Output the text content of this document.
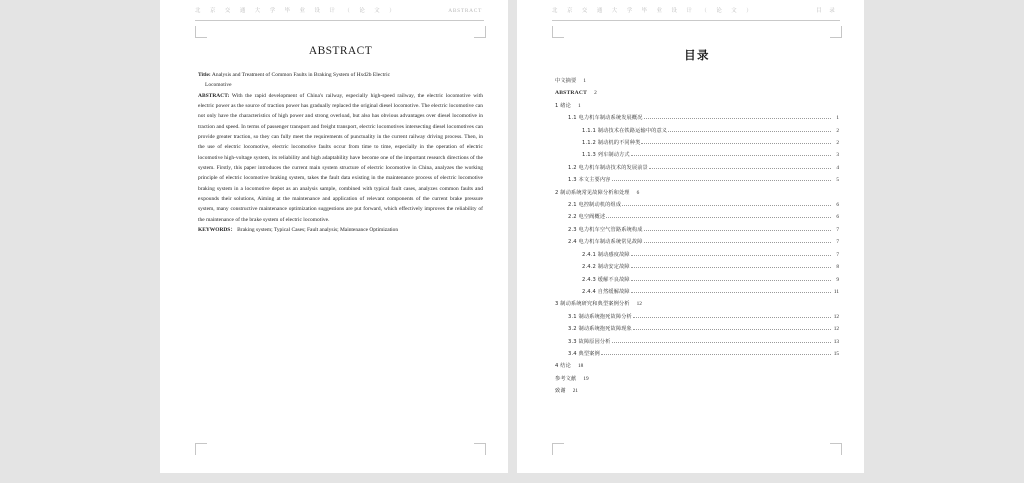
北 京 交 通 大 学 毕 业 设 计 （ 论 文 ）	ABSTRACT
ABSTRACT

Title: Analysis and Treatment of Common Faults in Braking System of Hxd2b Electric
Locomotive

ABSTRACT: With the rapid development of China's railway, especially high-speed railway, the electric locomotive with electric power as the source of traction power has gradually replaced the original diesel locomotive. The electric locomotive can not only have the characteristics of high power and strong overload, but also has obvious advantages over diesel locomotive in traction and speed. In terms of passenger transport and freight transport, electric locomotives intersecting diesel locomotives can provide greater traction, so they can fully meet the requirements of punctuality in the current railway driving process. Then, in the use of electric locomotive, electric locomotive faults occur from time to time, especially in the operation of electric locomotive high-voltage system, its reliability and high adaptability have become one of the important research directions of the system. Firstly, this paper introduces the current main system structure of electric locomotive in China, analyzes the working principle of electric locomotive braking system, takes the fault data existing in the maintenance process of electric locomotive braking system in a locomotive depot as an analysis sample, combined with typical fault cases, analyzes common faults and expounds their solutions, Aiming at the maintenance and application of relevant components of the current brake pressure system, many constructive maintenance optimization suggestions are put forward, which effectively improves the reliability of the maintenance of the brake system of electric locomotive.

KEYWORDS： Braking system; Typical Cases; Fault analysis; Maintenance Optimization

北 京 交 通 大 学 毕 业 设 计 （ 论 文 ）	目 录
目录
中文摘要	1
ABSTRACT	2
1 绪论	1
1.1 电力机车制动系统发展概况	1
1.1.1 制动技术在铁路运输中的意义	2
1.1.2 制动机的不同种类	2
1.1.3 列车制动方式	3
1.2 电力机车制动技术的发展前景	4
1.3 本文主要内容	5
2 制动系统常见故障分析和处理	6
2.1 电控制动机的组成	6
2.2 电空阀概述	6
2.3 电力机车空气管路系统构成	7
2.4 电力机车制动系统常见故障	7
2.4.1 制动感度故障	7
2.4.2 制动安定故障	8
2.4.3 缓解不良故障	9
2.4.4 自然缓解故障	11
3 制动系统研究和典型案例分析	12
3.1 制动系统抱死故障分析	12
3.2 制动系统抱死故障现象	12
3.3 故障原因分析	13
3.4 典型案例	15
4 结论	18
参考文献	19
致谢	21
